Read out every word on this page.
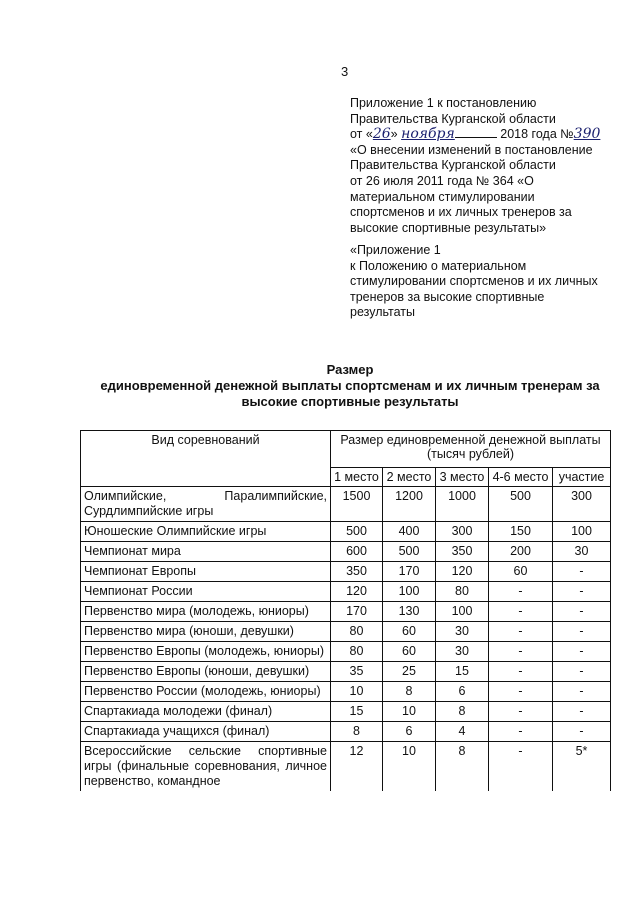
3
Приложение 1 к постановлению
Правительства Курганской области
от «26» ноября	2018 года №390
«О внесении изменений в постановление
Правительства Курганской области
от 26 июля 2011 года № 364 «О
материальном стимулировании
спортсменов и их личных тренеров за
высокие спортивные результаты»
«Приложение 1
к Положению о материальном
стимулировании спортсменов и их личных
тренеров за высокие спортивные
результаты
Размер
единовременной денежной выплаты спортсменам и их личным тренерам за
высокие спортивные результаты
Вид соревнований	Размер единовременной денежной выплаты (тысяч рублей)				
	1 место	2 место	3 место	4-6 место	участие
Олимпийские, Паралимпийские, Сурдлимпийские игры	1500	1200	1000	500	300
Юношеские Олимпийские игры	500	400	300	150	100
Чемпионат мира	600	500	350	200	30
Чемпионат Европы	350	170	120	60	-
Чемпионат России	120	100	80	-	-
Первенство мира (молодежь, юниоры)	170	130	100	-	-
Первенство мира (юноши, девушки)	80	60	30	-	-
Первенство Европы (молодежь, юниоры)	80	60	30	-	-
Первенство Европы (юноши, девушки)	35	25	15	-	-
Первенство России (молодежь, юниоры)	10	8	6	-	-
Спартакиада молодежи (финал)	15	10	8	-	-
Спартакиада учащихся (финал)	8	6	4	-	-
Всероссийские сельские спортивные игры (финальные соревнования, личное первенство, командное	12	10	8	-	5*
